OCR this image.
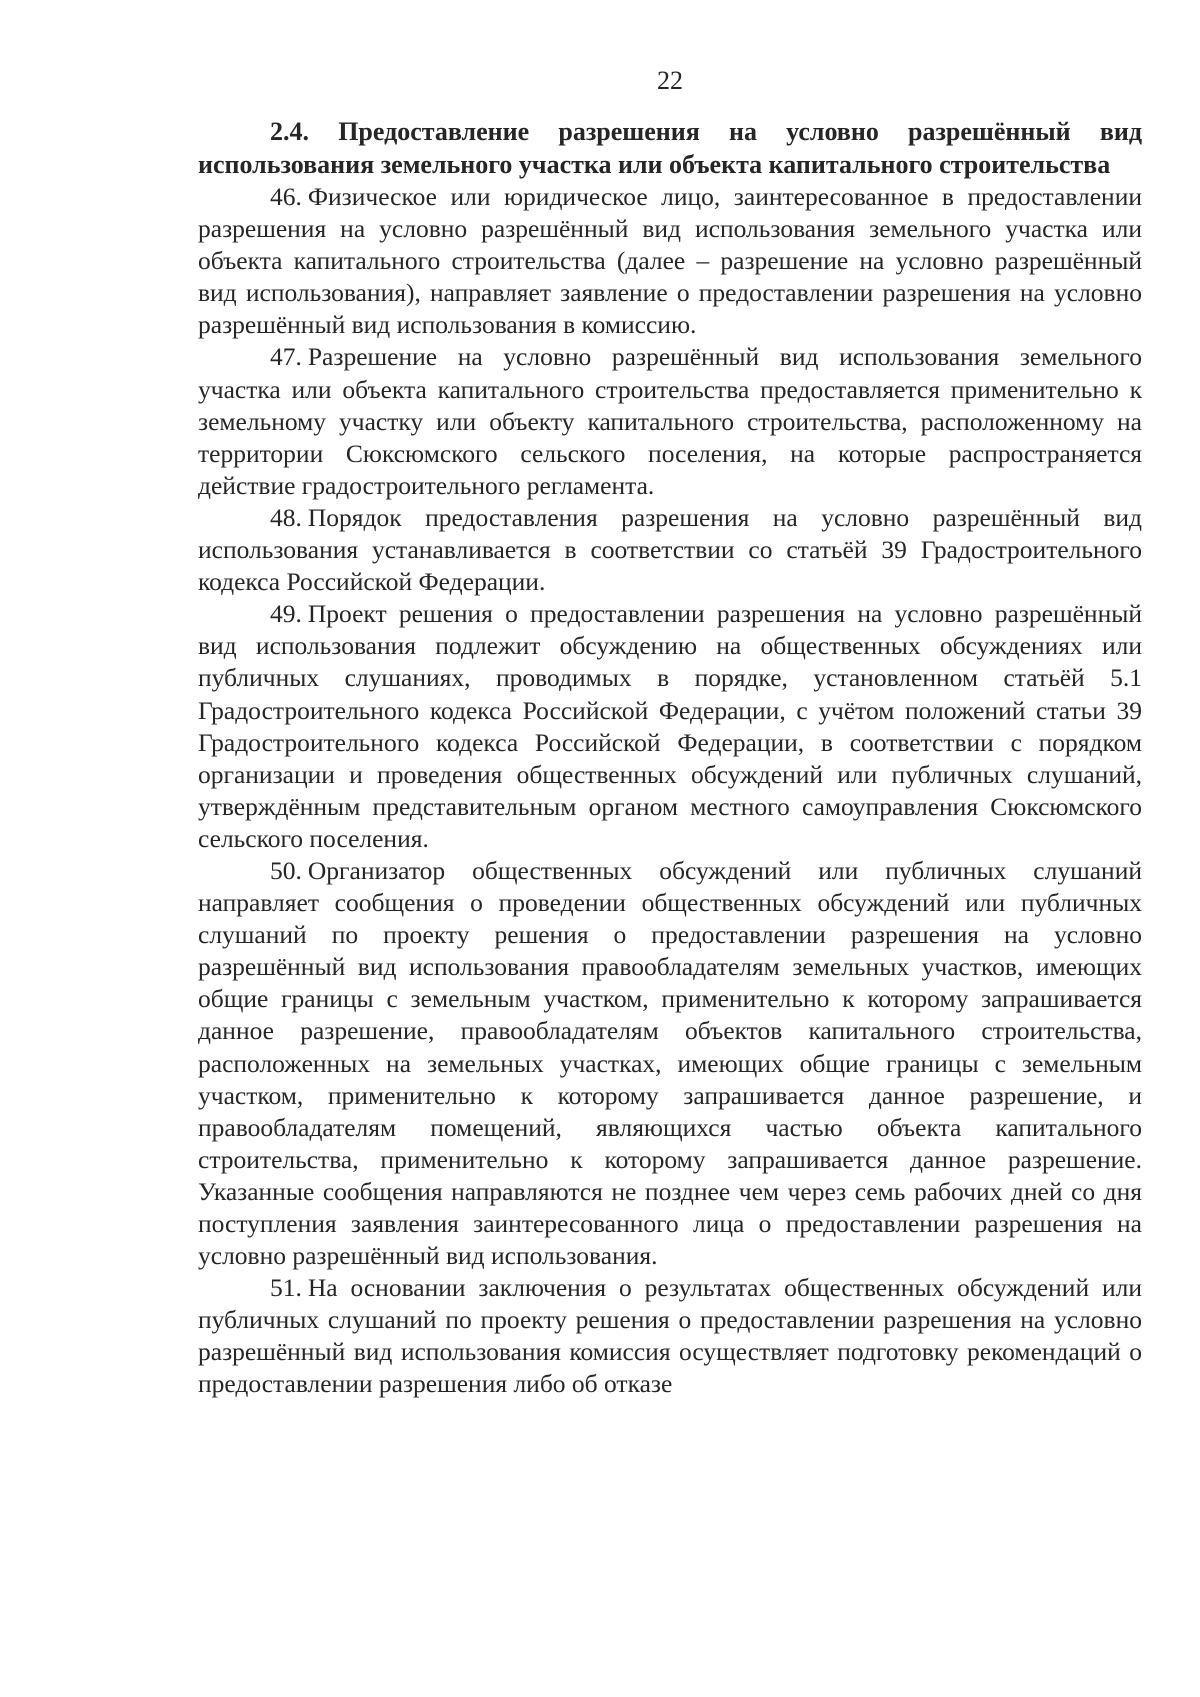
22

2.4. Предоставление разрешения на условно разрешённый вид использования земельного участка или объекта капитального строительства

46. Физическое или юридическое лицо, заинтересованное в предоставлении разрешения на условно разрешённый вид использования земельного участка или объекта капитального строительства (далее – разрешение на условно разрешённый вид использования), направляет заявление о предоставлении разрешения на условно разрешённый вид использования в комиссию.

47. Разрешение на условно разрешённый вид использования земельного участка или объекта капитального строительства предоставляется применительно к земельному участку или объекту капитального строительства, расположенному на территории Сюксюмского сельского поселения, на которые распространяется действие градостроительного регламента.

48. Порядок предоставления разрешения на условно разрешённый вид использования устанавливается в соответствии со статьёй 39 Градостроительного кодекса Российской Федерации.

49. Проект решения о предоставлении разрешения на условно разрешённый вид использования подлежит обсуждению на общественных обсуждениях или публичных слушаниях, проводимых в порядке, установленном статьёй 5.1 Градостроительного кодекса Российской Федерации, с учётом положений статьи 39 Градостроительного кодекса Российской Федерации, в соответствии с порядком организации и проведения общественных обсуждений или публичных слушаний, утверждённым представительным органом местного самоуправления Сюксюмского сельского поселения.

50. Организатор общественных обсуждений или публичных слушаний направляет сообщения о проведении общественных обсуждений или публичных слушаний по проекту решения о предоставлении разрешения на условно разрешённый вид использования правообладателям земельных участков, имеющих общие границы с земельным участком, применительно к которому запрашивается данное разрешение, правообладателям объектов капитального строительства, расположенных на земельных участках, имеющих общие границы с земельным участком, применительно к которому запрашивается данное разрешение, и правообладателям помещений, являющихся частью объекта капитального строительства, применительно к которому запрашивается данное разрешение. Указанные сообщения направляются не позднее чем через семь рабочих дней со дня поступления заявления заинтересованного лица о предоставлении разрешения на условно разрешённый вид использования.

51. На основании заключения о результатах общественных обсуждений или публичных слушаний по проекту решения о предоставлении разрешения на условно разрешённый вид использования комиссия осуществляет подготовку рекомендаций о предоставлении разрешения либо об отказе
